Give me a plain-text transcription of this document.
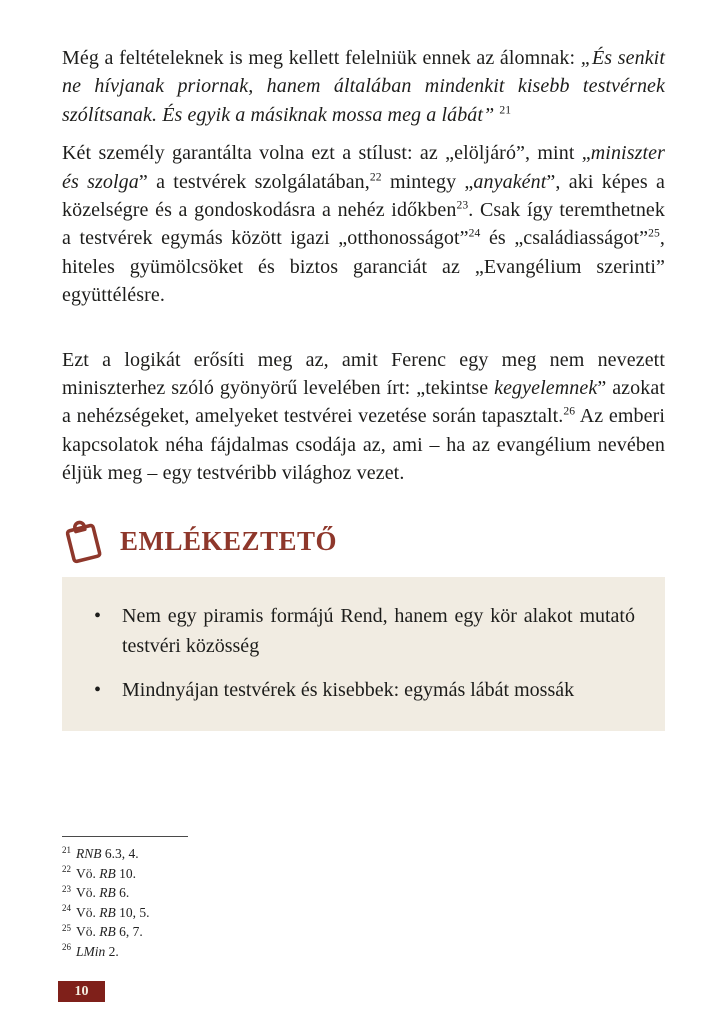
Még a feltételeknek is meg kellett felelniük ennek az álomnak: „És senkit ne hívjanak priornak, hanem általában mindenkit kisebb testvérnek szólítsanak. És egyik a másiknak mossa meg a lábát” $^{21}$

Két személy garantálta volna ezt a stílust: az „elöljáró”, mint „miniszter és szolga” a testvérek szolgálatában,$^{22}$ mintegy „anyaként”, aki képes a közelségre és a gondoskodásra a nehéz időkben$^{23}$. Csak így teremthetnek a testvérek egymás között igazi „otthonosságot”$^{24}$ és „családiasságot”$^{25}$, hiteles gyümölcsöket és biztos garanciát az „Evangélium szerinti” együttélésre.

Ezt a logikát erősíti meg az, amit Ferenc egy meg nem nevezett miniszterhez szóló gyönyörű levelében írt: „tekintse kegyelemnek” azokat a nehézségeket, amelyeket testvérei vezetése során tapasztalt.$^{26}$ Az emberi kapcsolatok néha fájdalmas csodája az, ami – ha az evangélium nevében éljük meg – egy testvéribb világhoz vezet.

EMLÉKEZTETŐ
• Nem egy piramis formájú Rend, hanem egy kör alakot mutató testvéri közösség
• Mindnyájan testvérek és kisebbek: egymás lábát mossák
$^{21}$ RNB 6.3, 4.
$^{22}$ Vö. RB 10.
$^{23}$ Vö. RB 6.
$^{24}$ Vö. RB 10, 5.
$^{25}$ Vö. RB 6, 7.
$^{26}$ LMin 2.
10
